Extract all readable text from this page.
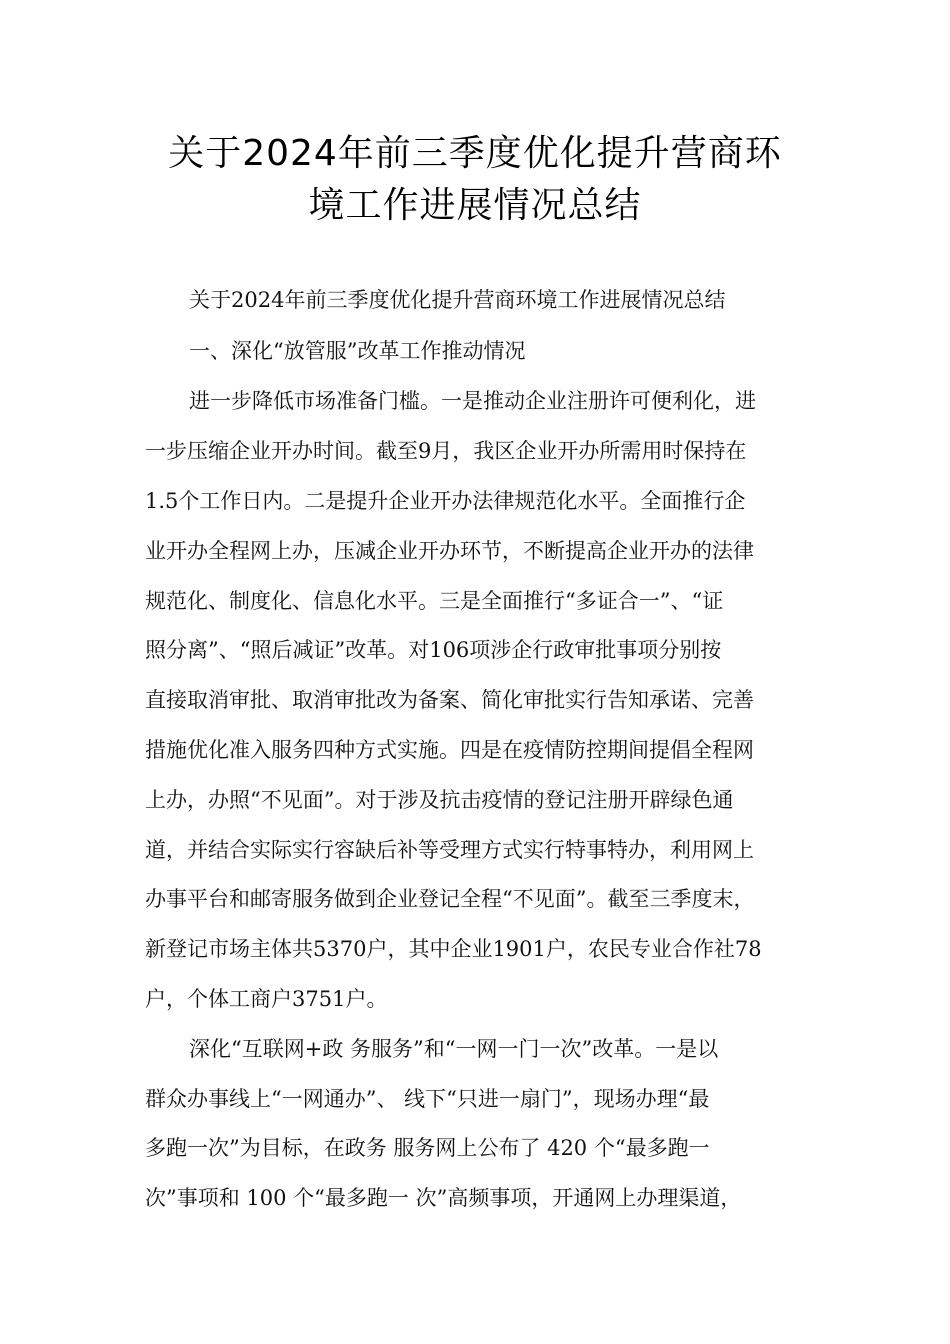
关于2024年前三季度优化提升营商环
境工作进展情况总结
关于2024年前三季度优化提升营商环境工作进展情况总结
一、深化“放管服”改革工作推动情况
进一步降低市场准备门槛。一是推动企业注册许可便利化，进
一步压缩企业开办时间。截至9月，我区企业开办所需用时保持在
1.5个工作日内。二是提升企业开办法律规范化水平。全面推行企
业开办全程网上办，压减企业开办环节，不断提高企业开办的法律
规范化、制度化、信息化水平。三是全面推行“多证合一”、“证
照分离”、“照后减证”改革。对106项涉企行政审批事项分别按
直接取消审批、取消审批改为备案、简化审批实行告知承诺、完善
措施优化准入服务四种方式实施。四是在疫情防控期间提倡全程网
上办，办照“不见面”。对于涉及抗击疫情的登记注册开辟绿色通
道，并结合实际实行容缺后补等受理方式实行特事特办，利用网上
办事平台和邮寄服务做到企业登记全程“不见面”。截至三季度末，
新登记市场主体共5370户，其中企业1901户，农民专业合作社78
户，个体工商户3751户。
深化“互联网+政 务服务”和“一网一门一次”改革。一是以
群众办事线上“一网通办”、 线下“只进一扇门”，现场办理“最
多跑一次”为目标，在政务 服务网上公布了 420 个“最多跑一
次”事项和 100 个“最多跑一 次”高频事项，开通网上办理渠道，
